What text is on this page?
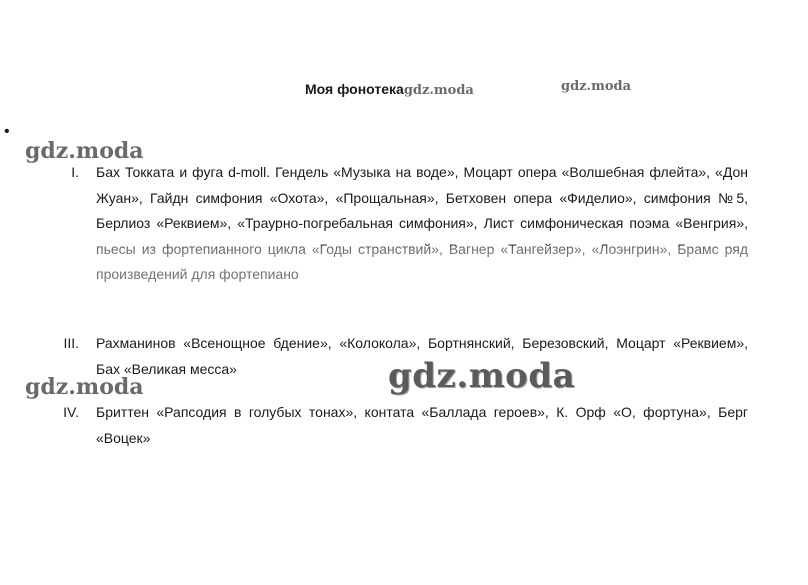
Моя фонотекаgdz.moda	gdz.moda
•
gdz.moda
I. Бах Токката и фуга d-moll. Гендель «Музыка на воде», Моцарт опера «Волшебная флейта», «Дон Жуан», Гайдн симфония «Охота», «Прощальная», Бетховен опера «Фиделио», симфония №5, Берлиоз «Реквием», «Траурно-погребальная симфония», Лист симфоническая поэма «Венгрия», пьесы из фортепианного цикла «Годы странствий», Вагнер «Тангейзер», «Лоэнгрин», Брамс ряд произведений для фортепиано
III. Рахманинов «Всенощное бдение», «Колокола», Бортнянский, Березовский, Моцарт «Реквием», Бах «Великая месса»
gdz.moda	gdz.moda
IV. Бриттен «Рапсодия в голубых тонах», контата «Баллада героев», К. Орф «О, фортуна», Берг «Воцек»
